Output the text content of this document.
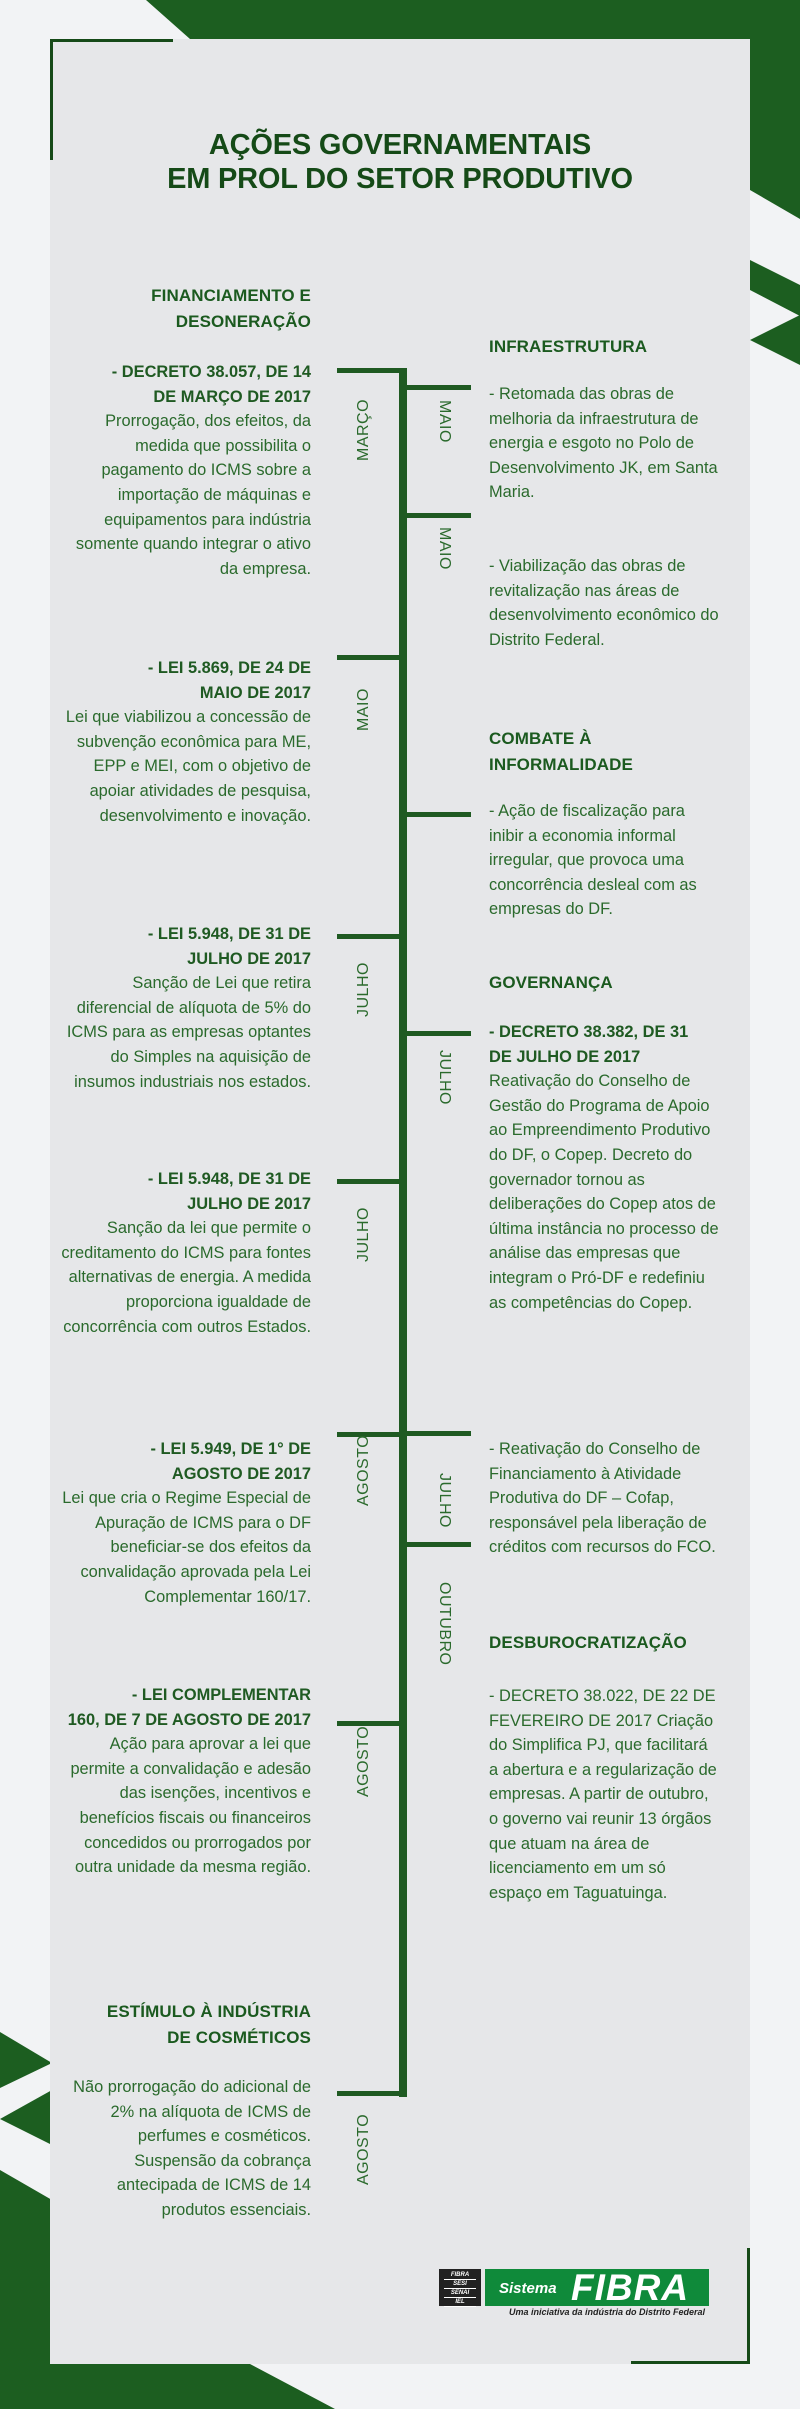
AÇÕES GOVERNAMENTAIS
EM PROL DO SETOR PRODUTIVO
MARÇO
MAIO
JULHO
JULHO
AGOSTO
AGOSTO
AGOSTO
MAIO
MAIO
JULHO
JULHO
OUTUBRO
FINANCIAMENTO E
DESONERAÇÃO
- DECRETO 38.057, DE 14
DE MARÇO DE 2017
Prorrogação, dos efeitos, da medida que possibilita o pagamento do ICMS sobre a importação de máquinas e equipamentos para indústria somente quando integrar o ativo da empresa.
- LEI 5.869, DE 24 DE
MAIO DE 2017
Lei que viabilizou a concessão de subvenção econômica para ME, EPP e MEI, com o objetivo de apoiar atividades de pesquisa, desenvolvimento e inovação.
- LEI 5.948, DE 31 DE
JULHO DE 2017
Sanção de Lei que retira diferencial de alíquota de 5% do ICMS para as empresas optantes do Simples na aquisição de insumos industriais nos estados.
- LEI 5.948, DE 31 DE
JULHO DE 2017
Sanção da lei que permite o creditamento do ICMS para fontes alternativas de energia. A medida proporciona igualdade de concorrência com outros Estados.
- LEI 5.949, DE 1° DE
AGOSTO DE 2017
Lei que cria o Regime Especial de Apuração de ICMS para o DF beneficiar-se dos efeitos da convalidação aprovada pela Lei Complementar 160/17.
- LEI COMPLEMENTAR
160, DE 7 DE AGOSTO DE 2017
Ação para aprovar a lei que permite a convalidação e adesão das isenções, incentivos e benefícios fiscais ou financeiros concedidos ou prorrogados por outra unidade da mesma região.
ESTÍMULO À INDÚSTRIA
DE COSMÉTICOS
Não prorrogação do adicional de 2% na alíquota de ICMS de perfumes e cosméticos. Suspensão da cobrança antecipada de ICMS de 14 produtos essenciais.
INFRAESTRUTURA
- Retomada das obras de melhoria da infraestrutura de energia e esgoto no Polo de Desenvolvimento JK, em Santa Maria.
- Viabilização das obras de revitalização nas áreas de desenvolvimento econômico do Distrito Federal.
COMBATE À
INFORMALIDADE
- Ação de fiscalização para inibir a economia informal irregular, que provoca uma concorrência desleal com as empresas do DF.
GOVERNANÇA
- DECRETO 38.382, DE 31
DE JULHO DE 2017
Reativação do Conselho de Gestão do Programa de Apoio ao Empreendimento Produtivo do DF, o Copep. Decreto do governador tornou as deliberações do Copep atos de última instância no processo de análise das empresas que integram o Pró-DF e redefiniu as competências do Copep.
- Reativação do Conselho de Financiamento à Atividade Produtiva do DF – Cofap, responsável pela liberação de créditos com recursos do FCO.
DESBUROCRATIZAÇÃO
- DECRETO 38.022, DE 22 DE FEVEREIRO DE 2017 Criação do Simplifica PJ, que facilitará a abertura e a regularização de empresas. A partir de outubro, o governo vai reunir 13 órgãos que atuam na área de licenciamento em um só espaço em Taguatuinga.
FIBRA
SESI
SENAI
IEL
Sistema FIBRA
Uma iniciativa da indústria do Distrito Federal
